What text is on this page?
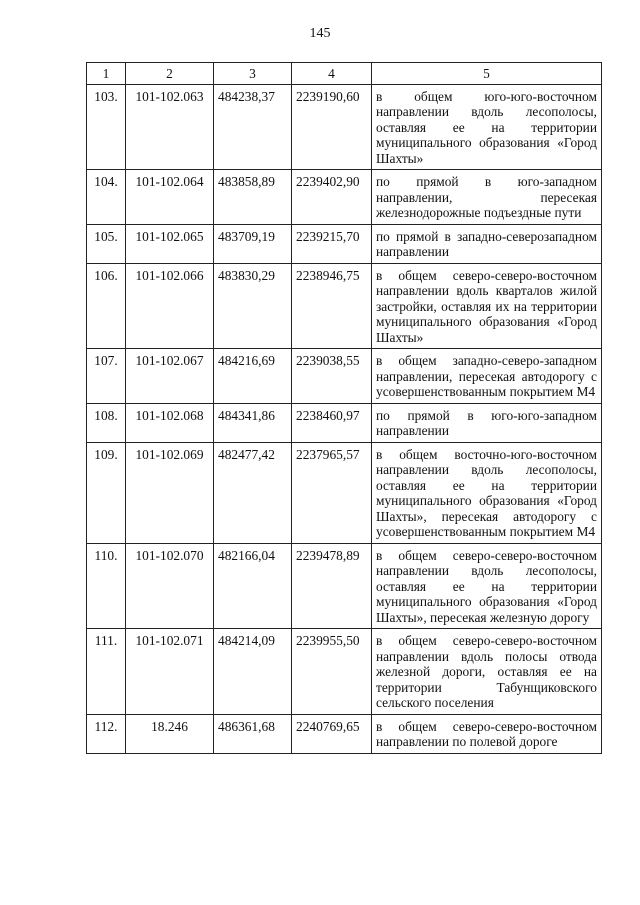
145
1	2	3	4	5
103.	101-102.063	484238,37	2239190,60	в общем юго-юго-восточном направлении вдоль лесополосы, оставляя ее на территории муниципального образования «Город Шахты»
104.	101-102.064	483858,89	2239402,90	по прямой в юго-западном направлении, пересекая железнодорожные подъездные пути
105.	101-102.065	483709,19	2239215,70	по прямой в западно-северозападном направлении
106.	101-102.066	483830,29	2238946,75	в общем северо-северо-восточном направлении вдоль кварталов жилой застройки, оставляя их на территории муниципального образования «Город Шахты»
107.	101-102.067	484216,69	2239038,55	в общем западно-северо-западном направлении, пересекая автодорогу с усовершенствованным покрытием М4
108.	101-102.068	484341,86	2238460,97	по прямой в юго-юго-западном направлении
109.	101-102.069	482477,42	2237965,57	в общем восточно-юго-восточном направлении вдоль лесополосы, оставляя ее на территории муниципального образования «Город Шахты», пересекая автодорогу с усовершенствованным покрытием М4
110.	101-102.070	482166,04	2239478,89	в общем северо-северо-восточном направлении вдоль лесополосы, оставляя ее на территории муниципального образования «Город Шахты», пересекая железную дорогу
111.	101-102.071	484214,09	2239955,50	в общем северо-северо-восточном направлении вдоль полосы отвода железной дороги, оставляя ее на территории Табунщиковского сельского поселения
112.	18.246	486361,68	2240769,65	в общем северо-северо-восточном направлении по полевой дороге
